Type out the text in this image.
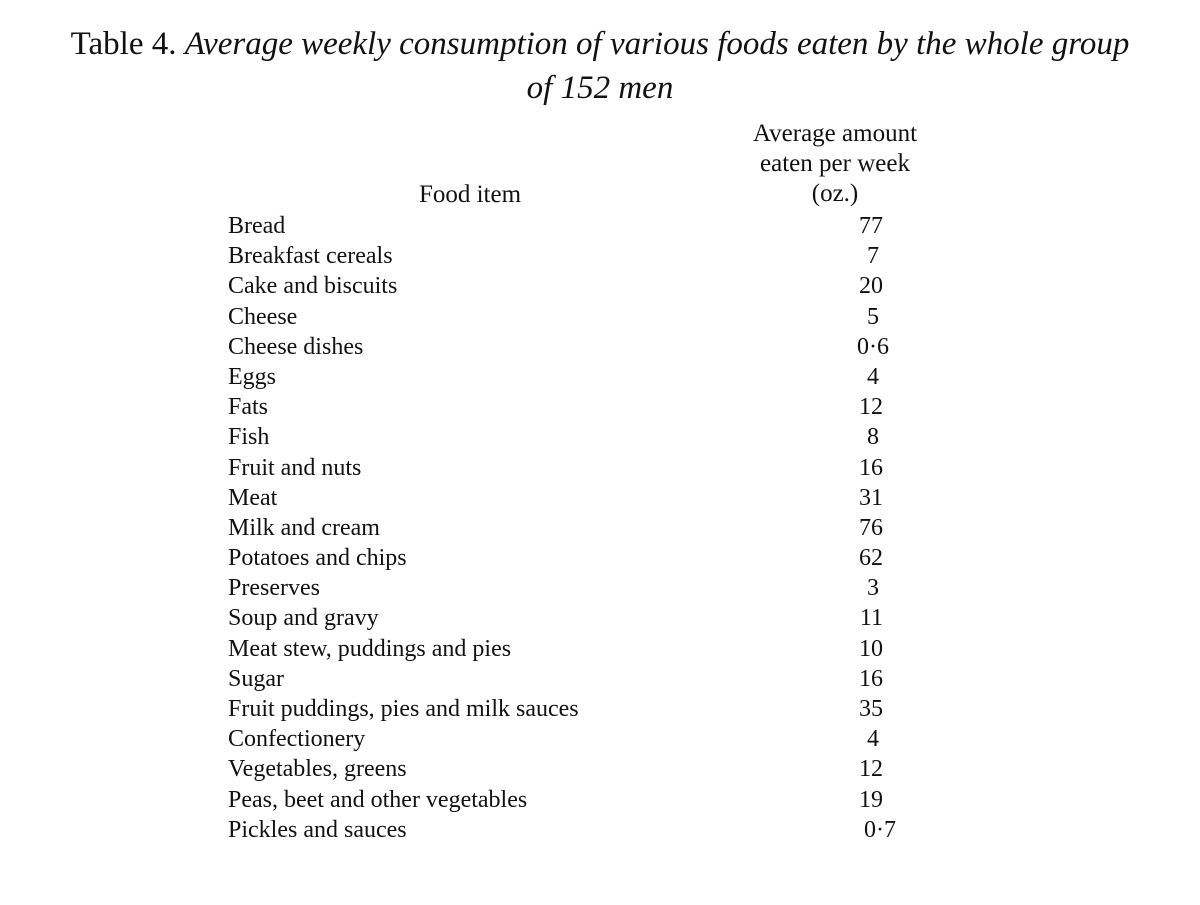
Table 4. Average weekly consumption of various foods eaten by the whole group
of 152 men
Food item
Average amount
eaten per week
(oz.)
Bread	77
Breakfast cereals	7
Cake and biscuits	20
Cheese	5
Cheese dishes	0·6
Eggs	4
Fats	12
Fish	8
Fruit and nuts	16
Meat	31
Milk and cream	76
Potatoes and chips	62
Preserves	3
Soup and gravy	11
Meat stew, puddings and pies	10
Sugar	16
Fruit puddings, pies and milk sauces	35
Confectionery	4
Vegetables, greens	12
Peas, beet and other vegetables	19
Pickles and sauces	0·7
